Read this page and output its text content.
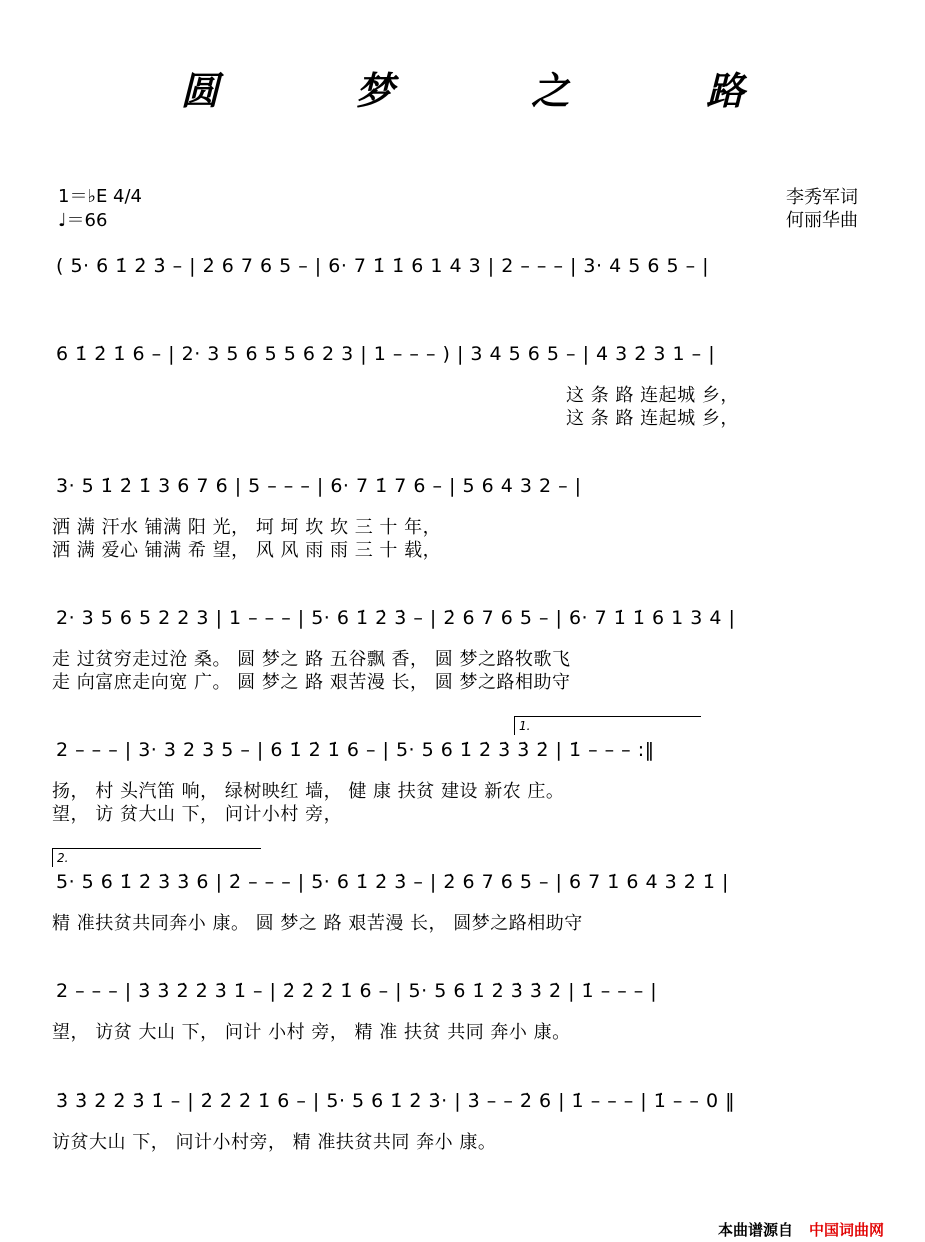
圆 梦 之 路
1＝♭E 4/4
♩＝66
李秀军词
何丽华曲
( 5· 6 1̇ 2̇ 3̇ – | 2̇ 6 7 6 5 – | 6· 7 1̇ 1̇ 6 1 4 3 | 2 – – – | 3· 4 5 6 5 – |
6 1̇ 2̇ 1̇ 6 – | 2· 3 5 6 5 5 6 2 3 | 1 – – – ) | 3 4 5 6 5 – | 4 3 2̇ 3 1 – |
这 条 路 连起城 乡，
这 条 路 连起城 乡，
3· 5 1̇ 2̇ 1̇ 3 6 7 6 | 5 – – – | 6· 7 1̇ 7 6 – | 5 6 4 3 2 – |
洒 满 汗水 铺满 阳 光， 坷 坷 坎 坎 三 十 年，
洒 满 爱心 铺满 希 望， 风 风 雨 雨 三 十 载，
2· 3 5 6 5 2 2 3 | 1 – – – | 5· 6 1̇ 2̇ 3̇ – | 2̇ 6 7 6 5 – | 6· 7 1̇ 1̇ 6 1 3 4 |
走 过贫穷走过沧 桑。 圆 梦之 路 五谷飘 香， 圆 梦之路牧歌飞
走 向富庶走向宽 广。 圆 梦之 路 艰苦漫 长， 圆 梦之路相助守
1.
2 – – – | 3· 3 2 3 5 – | 6 1̇ 2̇ 1̇ 6 – | 5· 5 6 1̇ 2̇ 3̇ 3̇ 2̇ | 1̇ – – – :‖
扬， 村 头汽笛 响， 绿树映红 墙， 健 康 扶贫 建设 新农 庄。
望， 访 贫大山 下， 问计小村 旁，
2.
5· 5 6 1̇ 2̇ 3̇ 3̇ 6 | 2̇ – – – | 5· 6 1̇ 2̇ 3̇ – | 2̇ 6 7 6 5 – | 6 7 1̇ 6 4 3 2̇ 1̇ |
精 准扶贫共同奔小 康。 圆 梦之 路 艰苦漫 长， 圆梦之路相助守
2 – – – | 3̇ 3̇ 2̇ 2̇ 3̇ 1̇ – | 2̇ 2̇ 2̇ 1̇ 6 – | 5· 5 6 1̇ 2̇ 3̇ 3̇ 2̇ | 1̇ – – – |
望， 访贫 大山 下， 问计 小村 旁， 精 准 扶贫 共同 奔小 康。
3̇ 3̇ 2̇ 2̇ 3̇ 1̇ – | 2̇ 2̇ 2̇ 1̇ 6 – | 5· 5 6 1̇ 2̇ 3̇· | 3̇ – – 2̇ 6 | 1̇ – – – | 1̇ – – 0 ‖
访贫大山 下， 问计小村旁， 精 准扶贫共同 奔小 康。
本曲谱源自 中国词曲网
